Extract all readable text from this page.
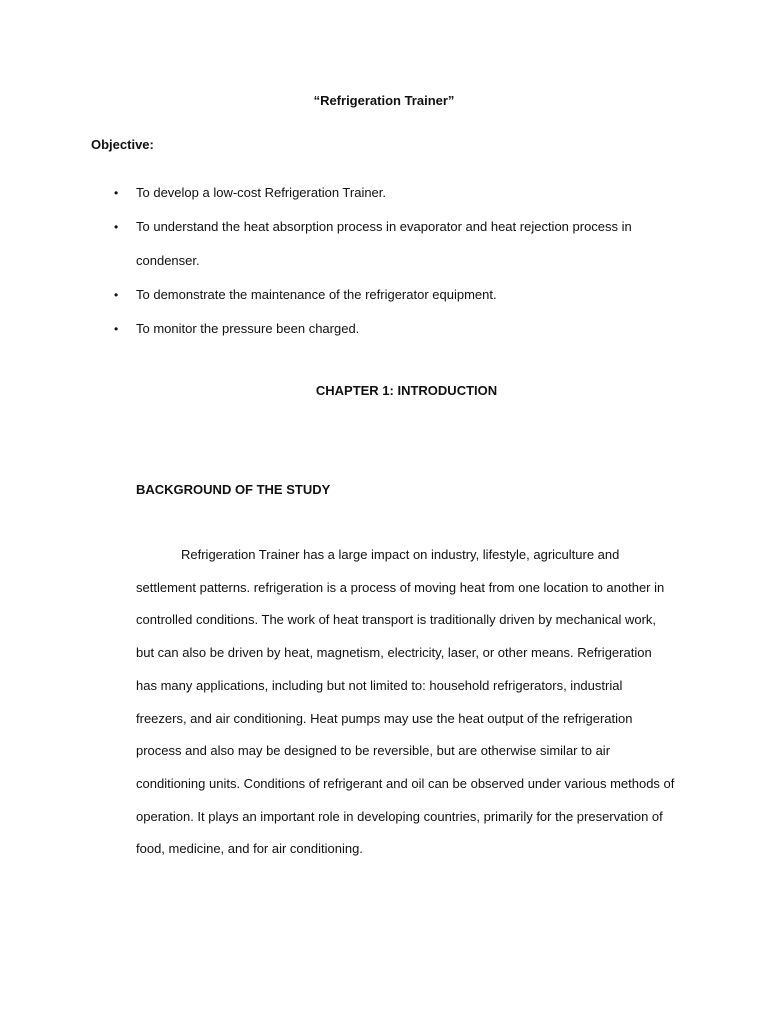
“Refrigeration Trainer”
Objective:
• To develop a low-cost Refrigeration Trainer.
• To understand the heat absorption process in evaporator and heat rejection process in condenser.
• To demonstrate the maintenance of the refrigerator equipment.
• To monitor the pressure been charged.
CHAPTER 1: INTRODUCTION
BACKGROUND OF THE STUDY

Refrigeration Trainer has a large impact on industry, lifestyle, agriculture and settlement patterns. refrigeration is a process of moving heat from one location to another in controlled conditions. The work of heat transport is traditionally driven by mechanical work, but can also be driven by heat, magnetism, electricity, laser, or other means. Refrigeration has many applications, including but not limited to: household refrigerators, industrial freezers, and air conditioning. Heat pumps may use the heat output of the refrigeration process and also may be designed to be reversible, but are otherwise similar to air conditioning units. Conditions of refrigerant and oil can be observed under various methods of operation. It plays an important role in developing countries, primarily for the preservation of food, medicine, and for air conditioning.
